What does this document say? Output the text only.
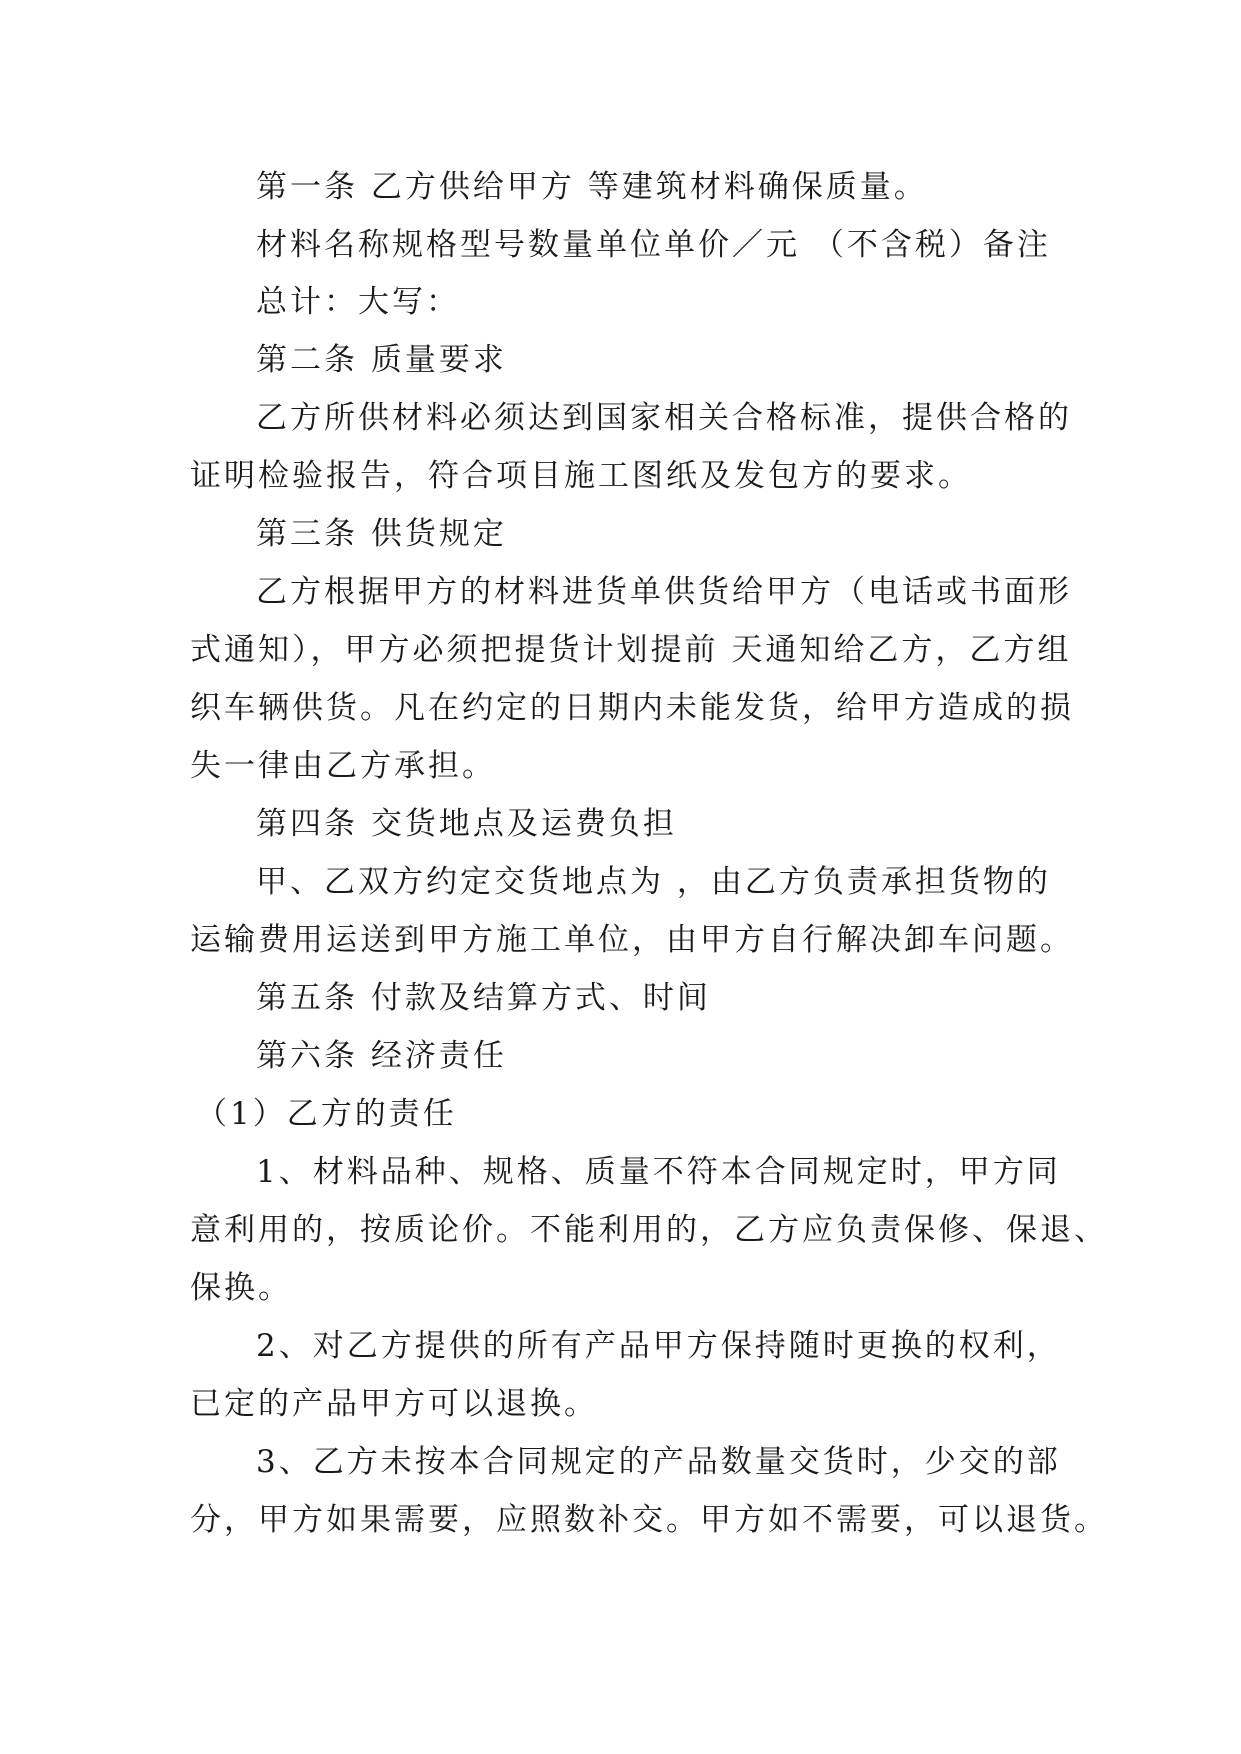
第一条 乙方供给甲方 等建筑材料确保质量。
材料名称规格型号数量单位单价／元 （不含税）备注
总计：大写：
第二条 质量要求
乙方所供材料必须达到国家相关合格标准，提供合格的
证明检验报告，符合项目施工图纸及发包方的要求。
第三条 供货规定
乙方根据甲方的材料进货单供货给甲方（电话或书面形
式通知），甲方必须把提货计划提前 天通知给乙方，乙方组
织车辆供货。凡在约定的日期内未能发货，给甲方造成的损
失一律由乙方承担。
第四条 交货地点及运费负担
甲、乙双方约定交货地点为 ，由乙方负责承担货物的
运输费用运送到甲方施工单位，由甲方自行解决卸车问题。
第五条 付款及结算方式、时间
第六条 经济责任
（1）乙方的责任
1、材料品种、规格、质量不符本合同规定时，甲方同
意利用的，按质论价。不能利用的，乙方应负责保修、保退、
保换。
2、对乙方提供的所有产品甲方保持随时更换的权利，
已定的产品甲方可以退换。
3、乙方未按本合同规定的产品数量交货时，少交的部
分，甲方如果需要，应照数补交。甲方如不需要，可以退货。
